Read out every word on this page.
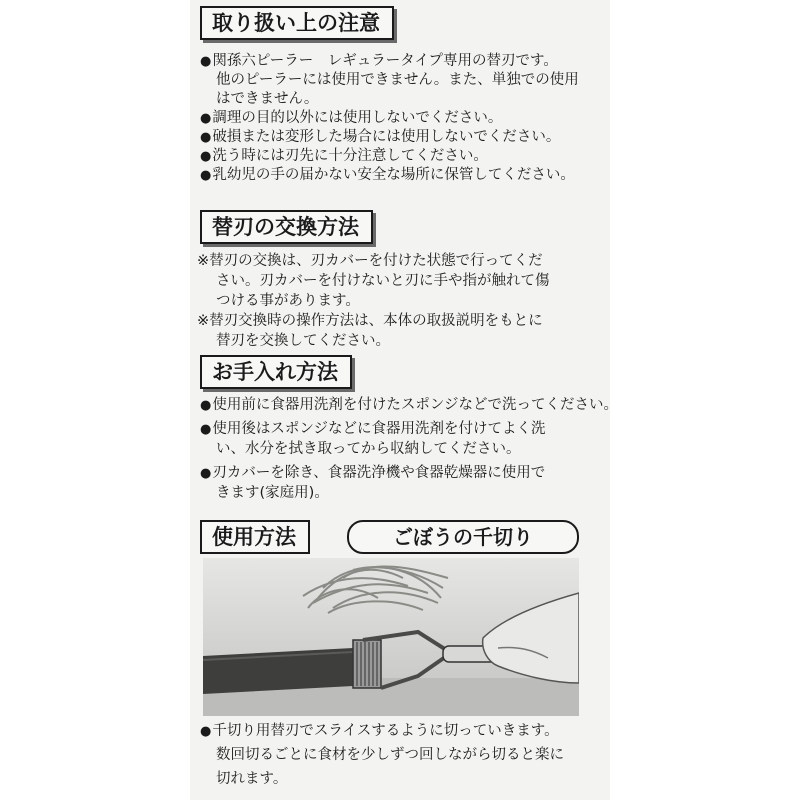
取り扱い上の注意
●関孫六ピーラー　レギュラータイプ専用の替刃です。
他のピーラーには使用できません。また、単独での使用
はできません。
●調理の目的以外には使用しないでください。
●破損または変形した場合には使用しないでください。
●洗う時には刃先に十分注意してください。
●乳幼児の手の届かない安全な場所に保管してください。
替刃の交換方法
※替刃の交換は、刃カバーを付けた状態で行ってくだ
さい。刃カバーを付けないと刃に手や指が触れて傷
つける事があります。
※替刃交換時の操作方法は、本体の取扱説明をもとに
替刃を交換してください。
お手入れ方法
●使用前に食器用洗剤を付けたスポンジなどで洗ってください。
●使用後はスポンジなどに食器用洗剤を付けてよく洗
い、水分を拭き取ってから収納してください。
●刃カバーを除き、食器洗浄機や食器乾燥器に使用で
きます(家庭用)。
使用方法	ごぼうの千切り
●千切り用替刃でスライスするように切っていきます。
数回切るごとに食材を少しずつ回しながら切ると楽に
切れます。
